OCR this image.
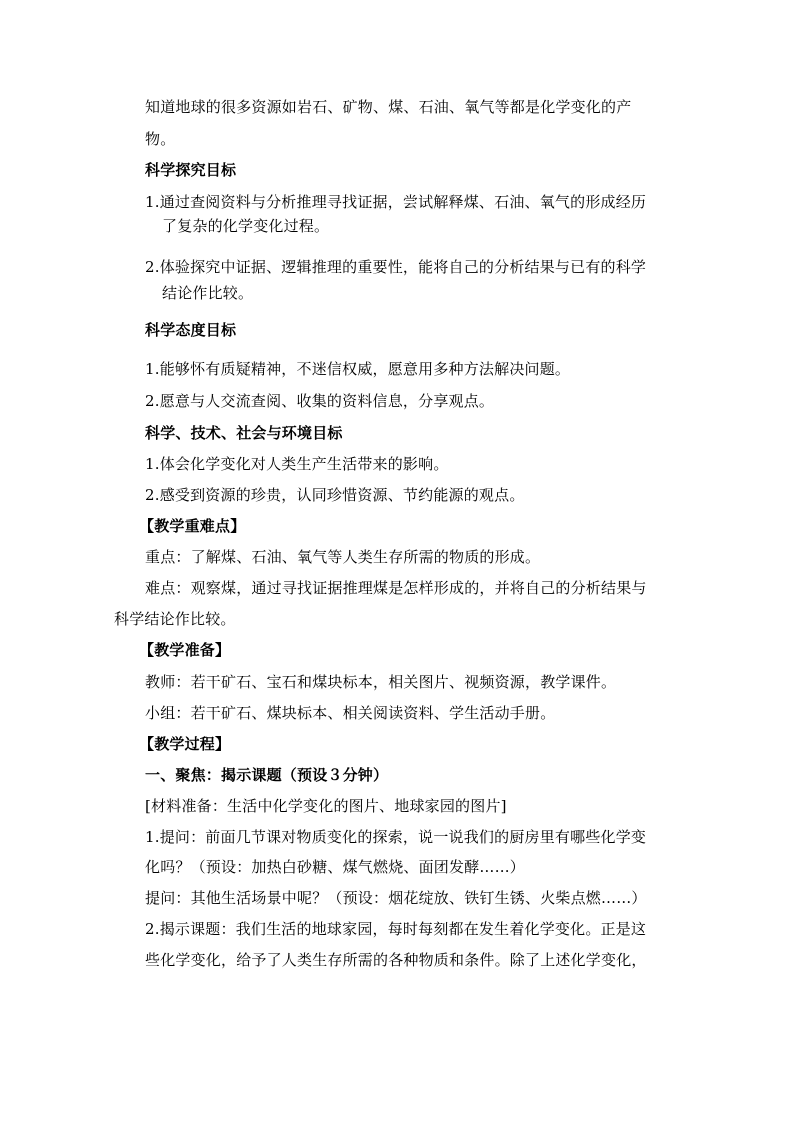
知道地球的很多资源如岩石、矿物、煤、石油、氧气等都是化学变化的产
物。
科学探究目标
1.通过查阅资料与分析推理寻找证据，尝试解释煤、石油、氧气的形成经历
了复杂的化学变化过程。
2.体验探究中证据、逻辑推理的重要性，能将自己的分析结果与已有的科学
结论作比较。
科学态度目标
1.能够怀有质疑精神，不迷信权威，愿意用多种方法解决问题。
2.愿意与人交流查阅、收集的资料信息，分享观点。
科学、技术、社会与环境目标
1.体会化学变化对人类生产生活带来的影响。
2.感受到资源的珍贵，认同珍惜资源、节约能源的观点。
【教学重难点】
重点：了解煤、石油、氧气等人类生存所需的物质的形成。
难点：观察煤，通过寻找证据推理煤是怎样形成的，并将自己的分析结果与
科学结论作比较。
【教学准备】
教师：若干矿石、宝石和煤块标本，相关图片、视频资源，教学课件。
小组：若干矿石、煤块标本、相关阅读资料、学生活动手册。
【教学过程】
一、聚焦：揭示课题（预设３分钟）
[材料准备：生活中化学变化的图片、地球家园的图片]
1.提问：前面几节课对物质变化的探索，说一说我们的厨房里有哪些化学变
化吗？（预设：加热白砂糖、煤气燃烧、面团发酵……）
提问：其他生活场景中呢？（预设：烟花绽放、铁钉生锈、火柴点燃……）
2.揭示课题：我们生活的地球家园，每时每刻都在发生着化学变化。正是这
些化学变化，给予了人类生存所需的各种物质和条件。除了上述化学变化，
